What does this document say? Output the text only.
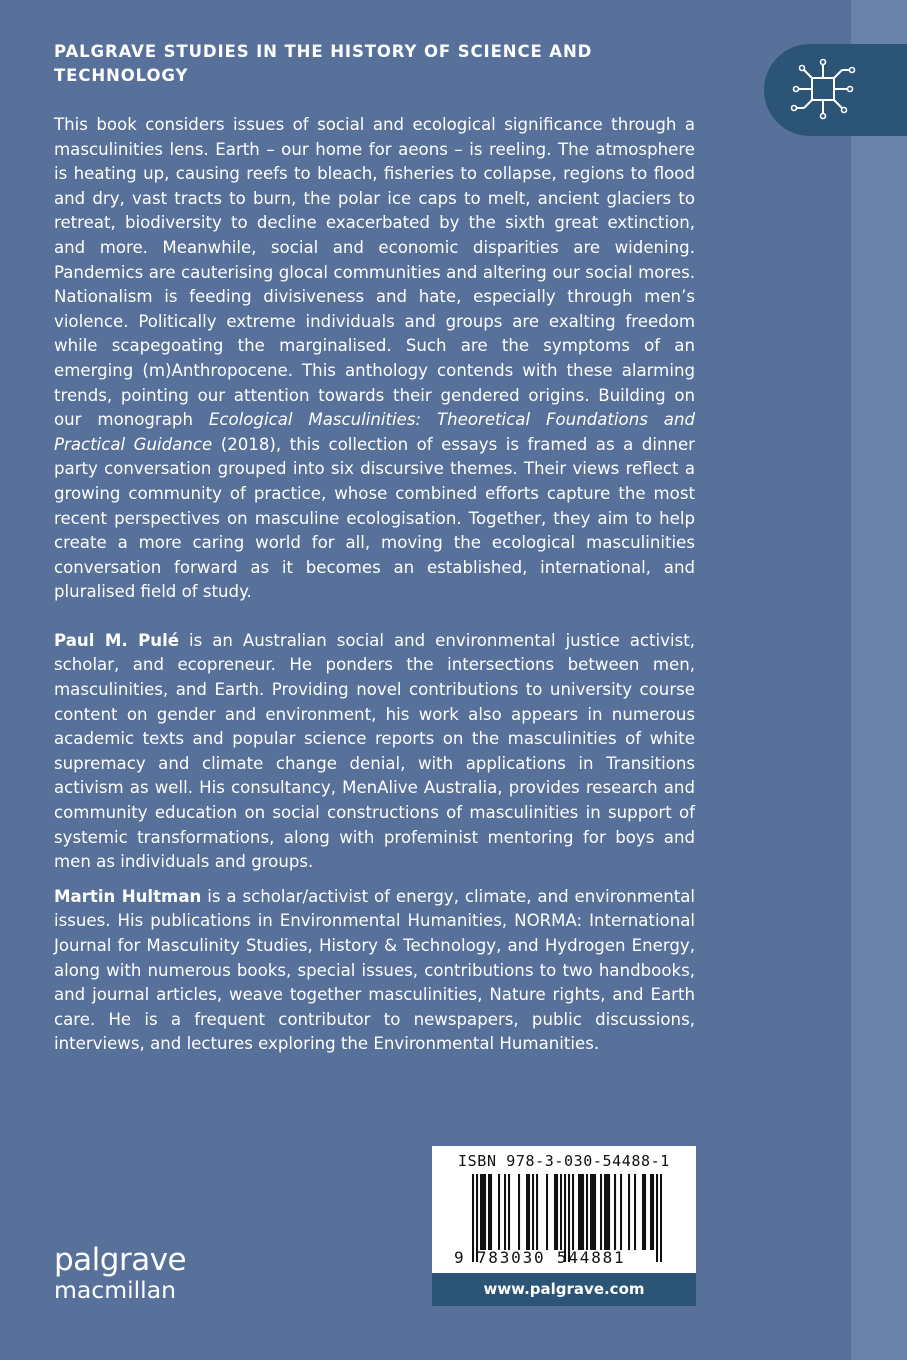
PALGRAVE STUDIES IN THE HISTORY OF SCIENCE AND TECHNOLOGY

This book considers issues of social and ecological significance through a masculinities lens. Earth – our home for aeons – is reeling. The atmosphere is heating up, causing reefs to bleach, fisheries to collapse, regions to flood and dry, vast tracts to burn, the polar ice caps to melt, ancient glaciers to retreat, biodiversity to decline exacerbated by the sixth great extinction, and more. Meanwhile, social and economic disparities are widening. Pandemics are cauterising glocal communities and altering our social mores. Nationalism is feeding divisiveness and hate, especially through men’s violence. Politically extreme individuals and groups are exalting freedom while scapegoating the marginalised. Such are the symptoms of an emerging (m)Anthropocene. This anthology contends with these alarming trends, pointing our attention towards their gendered origins. Building on our monograph Ecological Masculinities: Theoretical Foundations and Practical Guidance (2018), this collection of essays is framed as a dinner party conversation grouped into six discursive themes. Their views reflect a growing community of practice, whose combined efforts capture the most recent perspectives on masculine ecologisation. Together, they aim to help create a more caring world for all, moving the ecological masculinities conversation forward as it becomes an established, international, and pluralised field of study.

Paul M. Pulé is an Australian social and environmental justice activist, scholar, and ecopreneur. He ponders the intersections between men, masculinities, and Earth. Providing novel contributions to university course content on gender and environment, his work also appears in numerous academic texts and popular science reports on the masculinities of white supremacy and climate change denial, with applications in Transitions activism as well. His consultancy, MenAlive Australia, provides research and community education on social constructions of masculinities in support of systemic transformations, along with profeminist mentoring for boys and men as individuals and groups.

Martin Hultman is a scholar/activist of energy, climate, and environmental issues. His publications in Environmental Humanities, NORMA: International Journal for Masculinity Studies, History & Technology, and Hydrogen Energy, along with numerous books, special issues, contributions to two handbooks, and journal articles, weave together masculinities, Nature rights, and Earth care. He is a frequent contributor to newspapers, public discussions, interviews, and lectures exploring the Environmental Humanities.

ISBN 978-3-030-54488-1
9 783030 544881
www.palgrave.com
palgrave
macmillan
